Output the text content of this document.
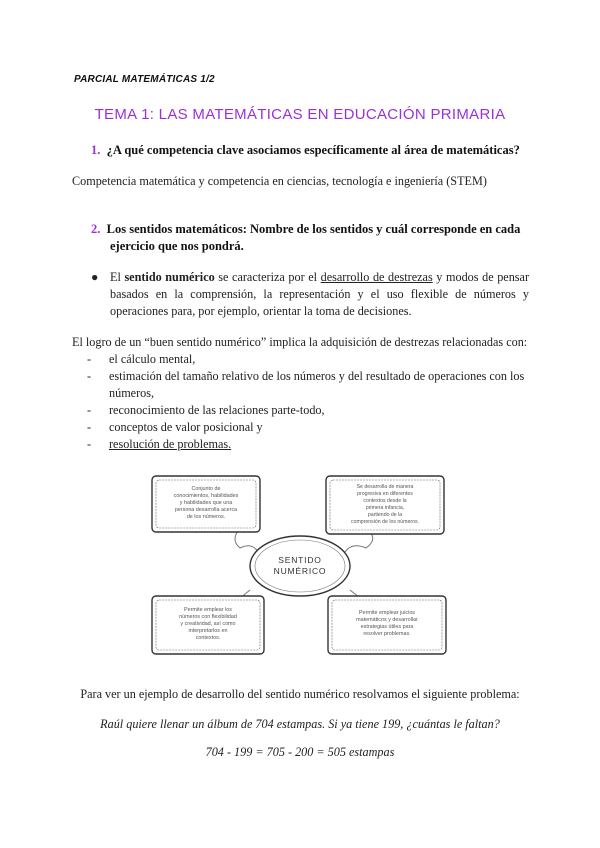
PARCIAL MATEMÁTICAS 1/2
TEMA 1: LAS MATEMÁTICAS EN EDUCACIÓN PRIMARIA
1. ¿A qué competencia clave asociamos específicamente al área de matemáticas?
Competencia matemática y competencia en ciencias, tecnología e ingeniería (STEM)
2. Los sentidos matemáticos: Nombre de los sentidos y cuál corresponde en cada
ejercicio que nos pondrá.
● El sentido numérico se caracteriza por el desarrollo de destrezas y modos de pensar basados en la comprensión, la representación y el uso flexible de números y operaciones para, por ejemplo, orientar la toma de decisiones.
El logro de un “buen sentido numérico” implica la adquisición de destrezas relacionadas con:
- el cálculo mental,
- estimación del tamaño relativo de los números y del resultado de operaciones con los números,
- reconocimiento de las relaciones parte-todo,
- conceptos de valor posicional y
- resolución de problemas.
Conjunto de
conocimientos, habilidades
y habilidades que una
persona desarrolla acerca
de los números.
Se desarrolla de manera
progresiva en diferentes
contextos desde la
primera infancia,
partiendo de la
comprensión de los números.
SENTIDO
NUMÉRICO
Permite emplear los
números con flexibilidad
y creatividad, así como
interpretarlos en
contextos.
Permite emplear juicios
matemáticos y desarrollar
estrategias útiles para
resolver problemas.
Para ver un ejemplo de desarrollo del sentido numérico resolvamos el siguiente problema:
Raúl quiere llenar un álbum de 704 estampas. Si ya tiene 199, ¿cuántas le faltan?
704 - 199 = 705 - 200 = 505 estampas
